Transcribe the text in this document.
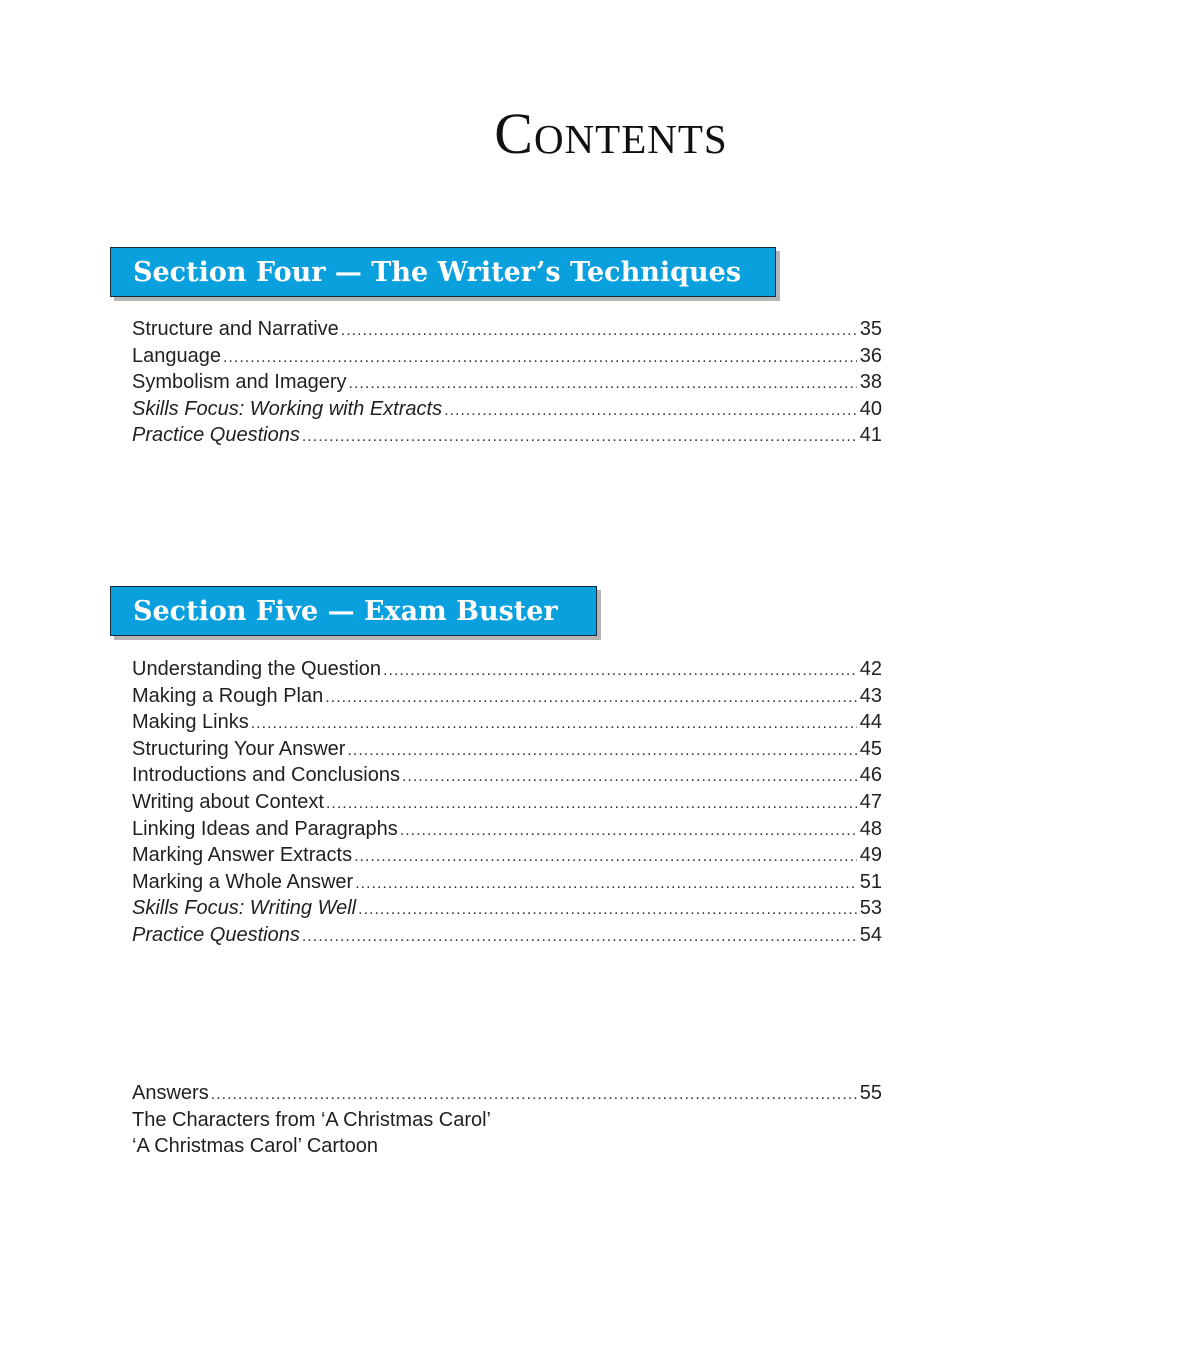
Contents
Section Four — The Writer’s Techniques
Structure and Narrative .....	35
Language .....	36
Symbolism and Imagery .....	38
Skills Focus: Working with Extracts .....	40
Practice Questions .....	41
Section Five — Exam Buster
Understanding the Question .....	42
Making a Rough Plan .....	43
Making Links .....	44
Structuring Your Answer .....	45
Introductions and Conclusions .....	46
Writing about Context .....	47
Linking Ideas and Paragraphs .....	48
Marking Answer Extracts .....	49
Marking a Whole Answer .....	51
Skills Focus: Writing Well .....	53
Practice Questions .....	54
Answers .....	55
The Characters from ‘A Christmas Carol’
‘A Christmas Carol’ Cartoon
